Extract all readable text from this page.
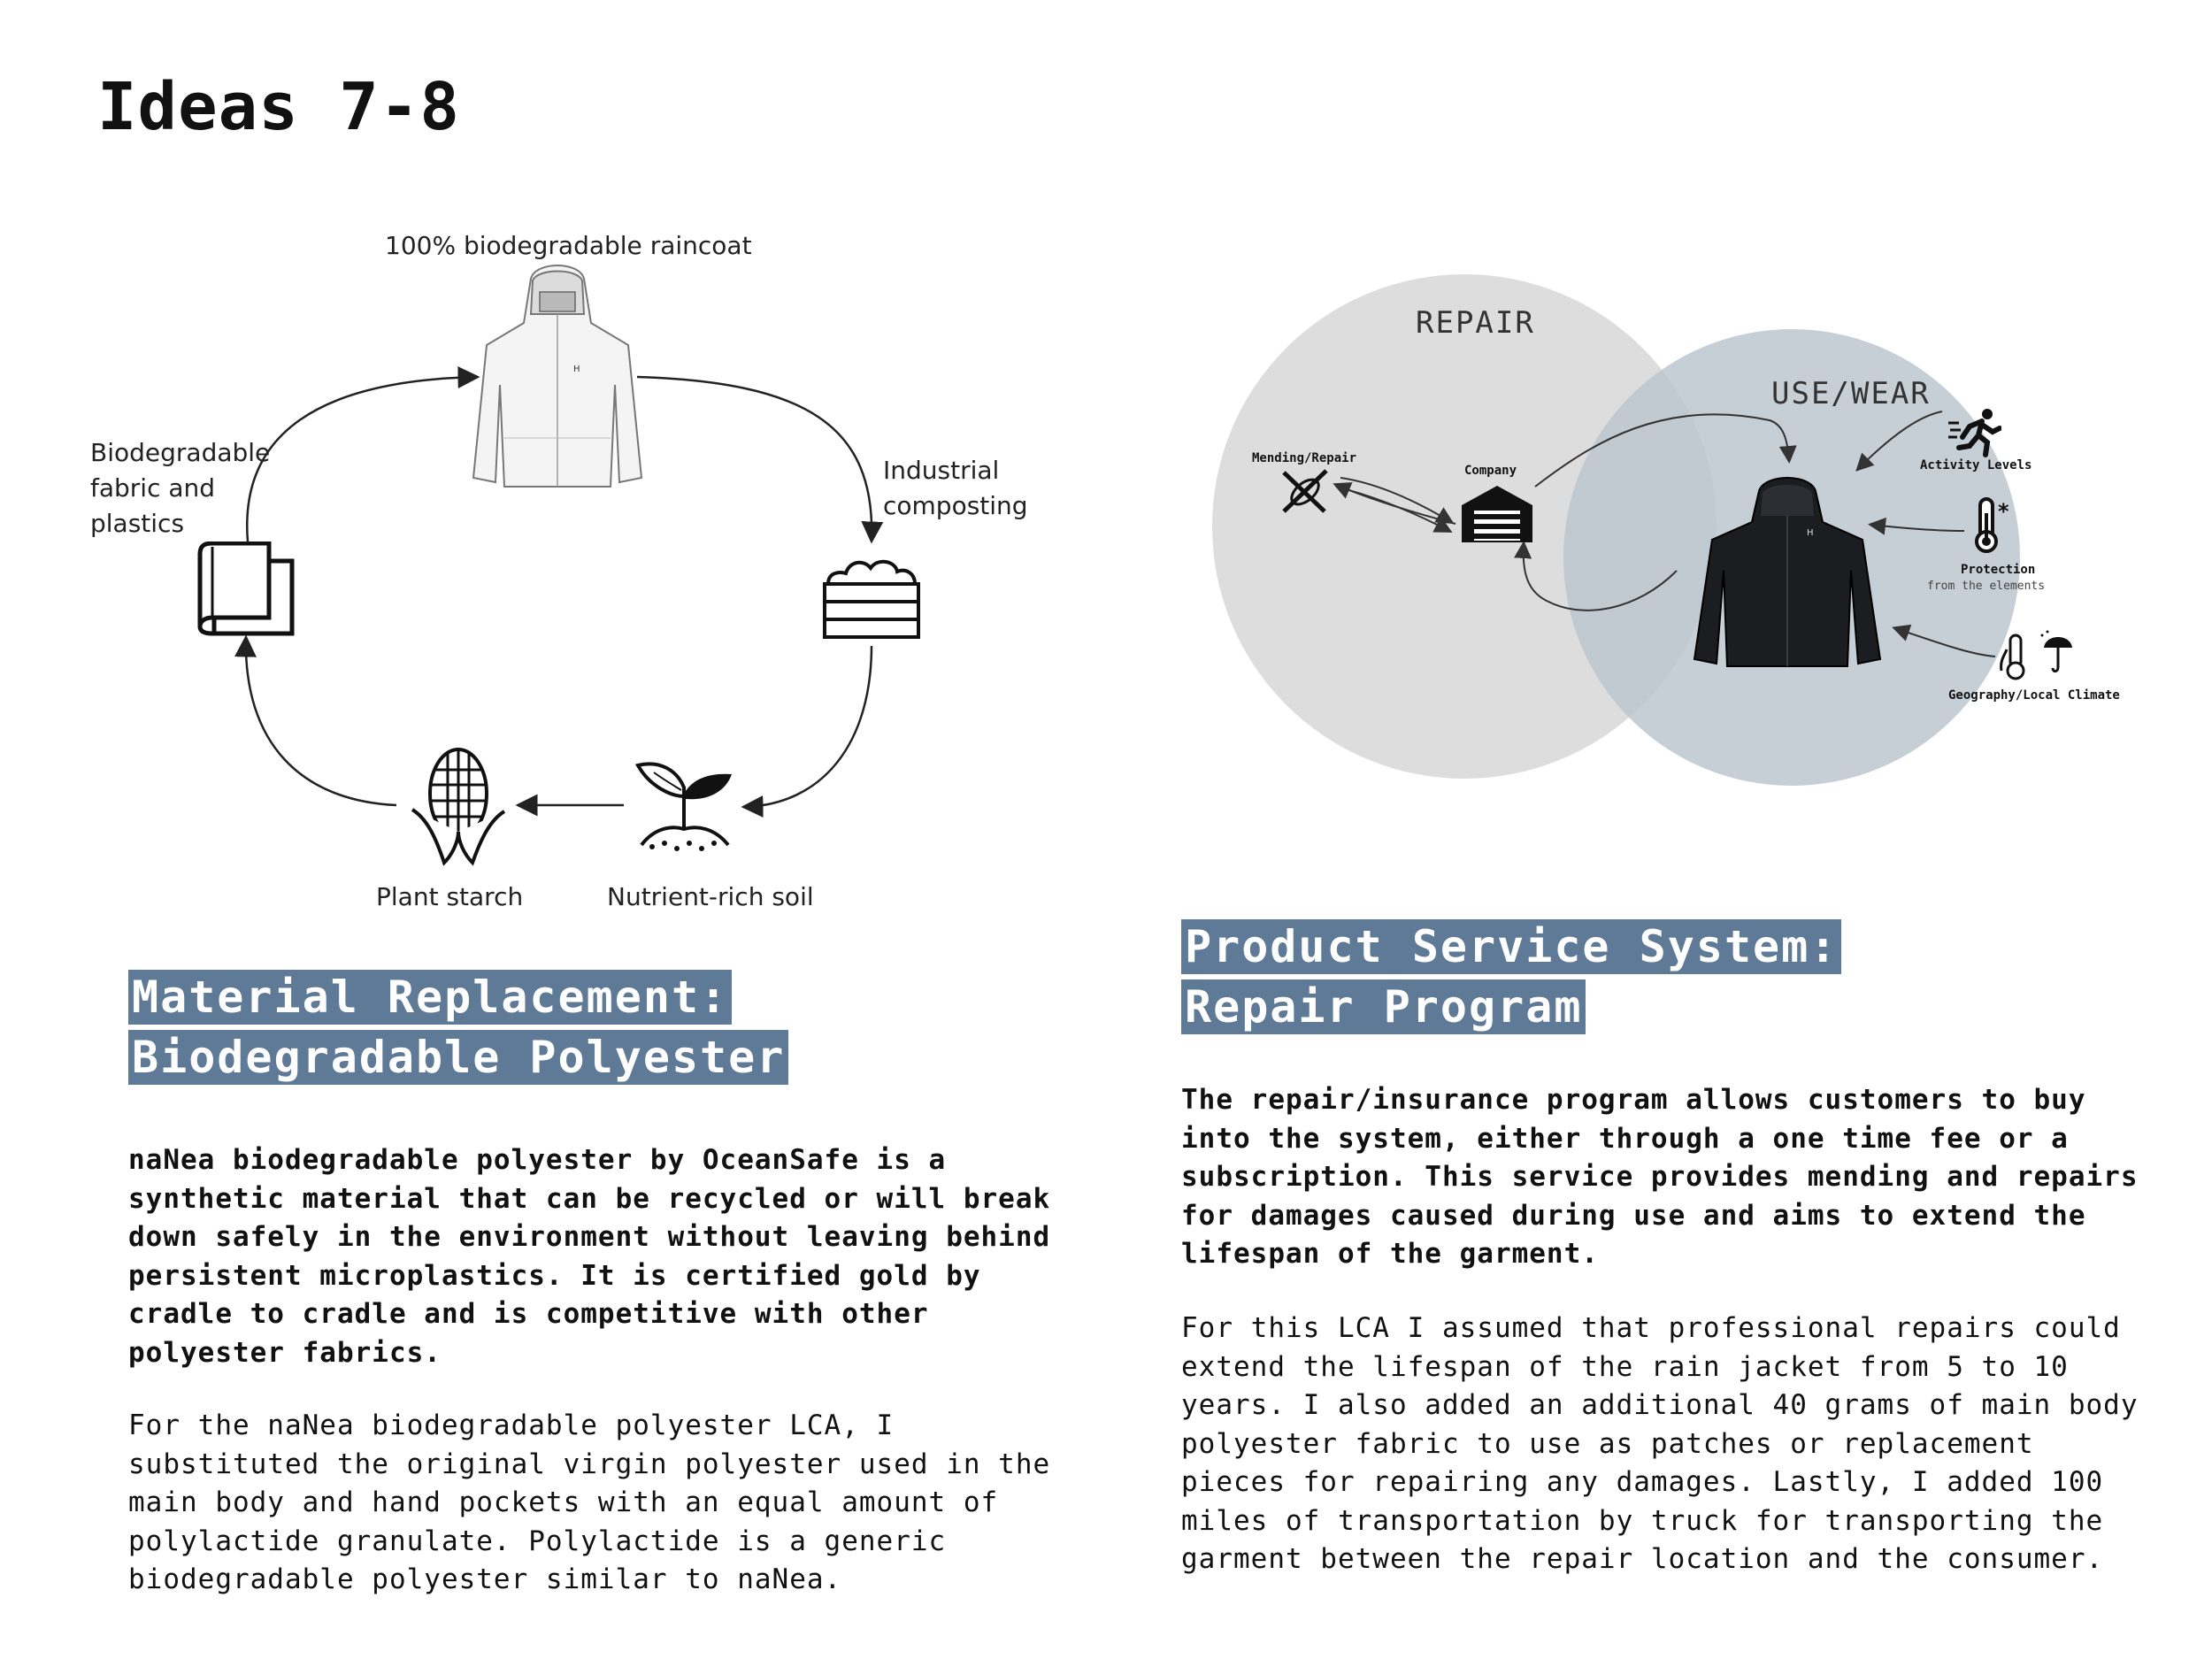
Ideas 7-8
H
100% biodegradable raincoat
Biodegradable
fabric and
plastics
Industrial
composting
Nutrient-rich soil
Plant starch
REPAIR
USE/WEAR
Mending/Repair
Company
H
Activity Levels
*
Protection
from the elements
Geography/Local Climate
Material Replacement: Biodegradable Polyester

naNea biodegradable polyester by OceanSafe is a
synthetic material that can be recycled or will break
down safely in the environment without leaving behind
persistent microplastics. It is certified gold by
cradle to cradle and is competitive with other
polyester fabrics.

For the naNea biodegradable polyester LCA, I
substituted the original virgin polyester used in the
main body and hand pockets with an equal amount of
polylactide granulate. Polylactide is a generic
biodegradable polyester similar to naNea.

Product Service System: Repair Program

The repair/insurance program allows customers to buy
into the system, either through a one time fee or a
subscription. This service provides mending and repairs
for damages caused during use and aims to extend the
lifespan of the garment.

For this LCA I assumed that professional repairs could
extend the lifespan of the rain jacket from 5 to 10
years. I also added an additional 40 grams of main body
polyester fabric to use as patches or replacement
pieces for repairing any damages. Lastly, I added 100
miles of transportation by truck for transporting the
garment between the repair location and the consumer.
